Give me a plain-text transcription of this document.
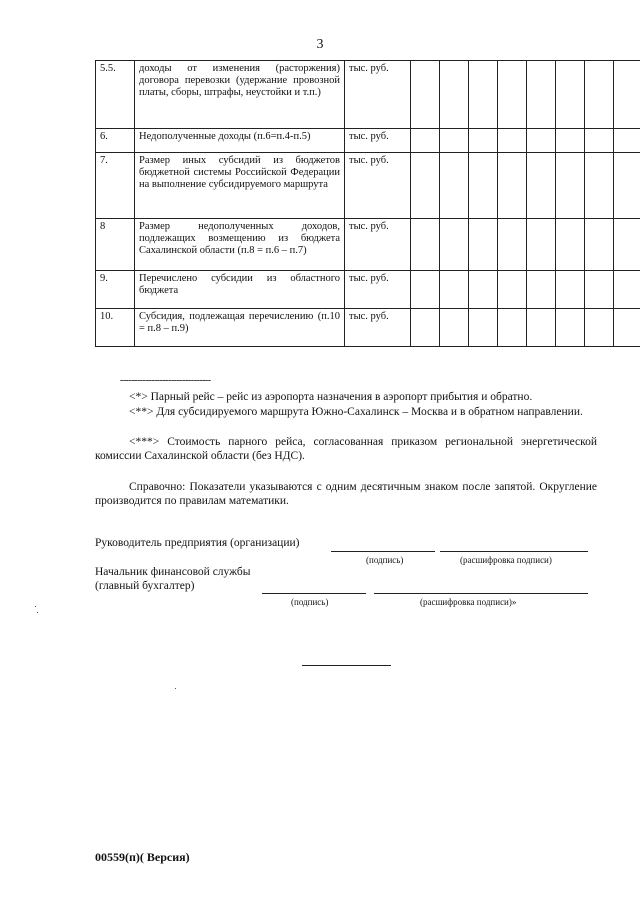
3
5.5.	доходы от изменения (расторжения) договора перевозки (удержание провозной платы, сборы, штрафы, неустойки и т.п.)	тыс. руб.									
6.	Недополученные доходы (п.6=п.4-п.5)	тыс. руб.									
7.	Размер иных субсидий из бюджетов бюджетной системы Российской Федерации на выполнение субсидируемого маршрута	тыс. руб.									
8	Размер недополученных доходов, подлежащих возмещению из бюджета Сахалинской области (п.8 = п.6 – п.7)	тыс. руб.									
9.	Перечислено субсидии из областного бюджета	тыс. руб.									
10.	Субсидия, подлежащая перечислению (п.10 = п.8 – п.9)	тыс. руб.									
--------------------------------
<*> Парный рейс – рейс из аэропорта назначения в аэропорт прибытия и обратно.
<**> Для субсидируемого маршрута Южно-Сахалинск – Москва и в обратном направлении.
<***> Стоимость парного рейса, согласованная приказом региональной энергетической комиссии Сахалинской области (без НДС).
Справочно: Показатели указываются с одним десятичным знаком после запятой. Округление производится по правилам математики.
Руководитель предприятия (организации)
(подпись)	(расшифровка подписи)
Начальник финансовой службы
(главный бухгалтер)
(подпись)	(расшифровка подписи)»
00559(п)( Версия)
